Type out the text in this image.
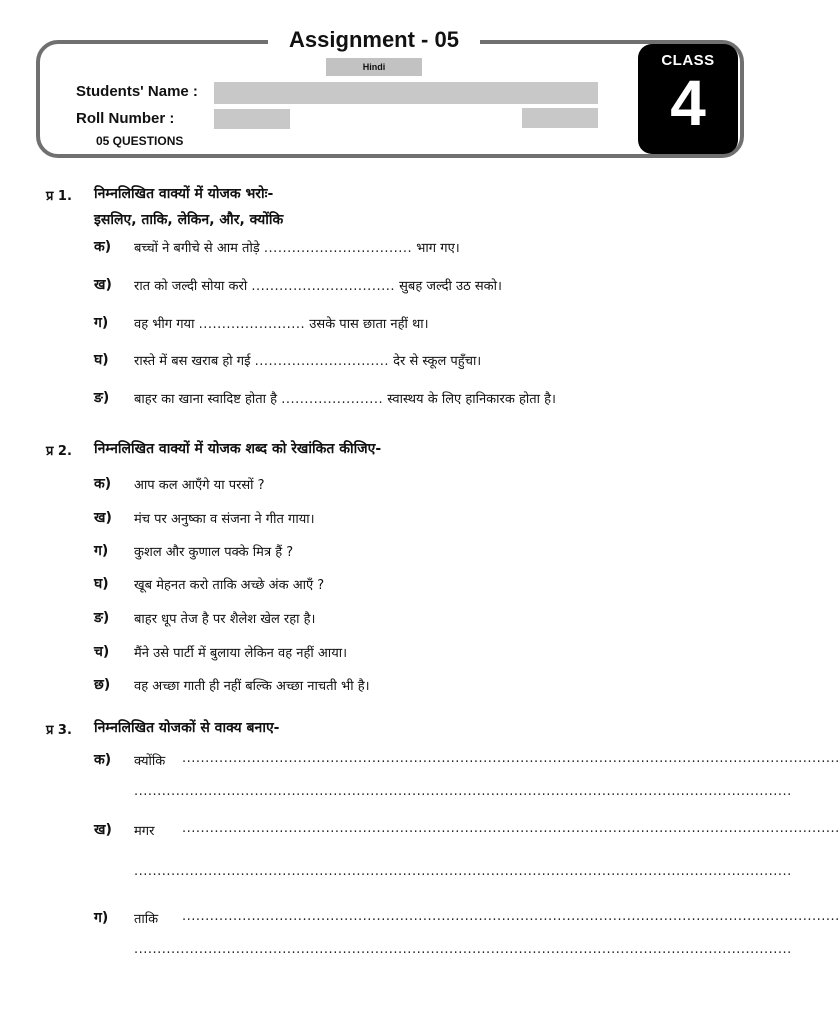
Assignment - 05
Hindi
Students' Name :
Roll Number :
05 QUESTIONS
CLASS
4
प्र 1. निम्नलिखित वाक्यों में योजक भरोः-
इसलिए, ताकि, लेकिन, और, क्योंकि
क) बच्चों ने बगीचे से आम तोड़े ................................ भाग गए।
ख) रात को जल्दी सोया करो ............................... सुबह जल्दी उठ सको।
ग) वह भीग गया ....................... उसके पास छाता नहीं था।
घ) रास्ते में बस खराब हो गई ............................. देर से स्कूल पहुँचा।
ङ) बाहर का खाना स्वादिष्ट होता है ...................... स्वास्थय के लिए हानिकारक होता है।
प्र 2. निम्नलिखित वाक्यों में योजक शब्द को रेखांकित कीजिए-
क) आप कल आएँगे या परसों ?
ख) मंच पर अनुष्का व संजना ने गीत गाया।
ग) कुशल और कुणाल पक्के मित्र हैं ?
घ) खूब मेहनत करो ताकि अच्छे अंक आएँ ?
ङ) बाहर धूप तेज है पर शैलेश खेल रहा है।
च) मैंने उसे पार्टी में बुलाया लेकिन वह नहीं आया।
छ) वह अच्छा गाती ही नहीं बल्कि अच्छा नाचती भी है।
प्र 3. निम्नलिखित योजकों से वाक्य बनाए-
क) क्योंकि ..............................................................................................................................................
..............................................................................................................................................
ख) मगर ..............................................................................................................................................
..............................................................................................................................................
ग) ताकि ..............................................................................................................................................
..............................................................................................................................................
